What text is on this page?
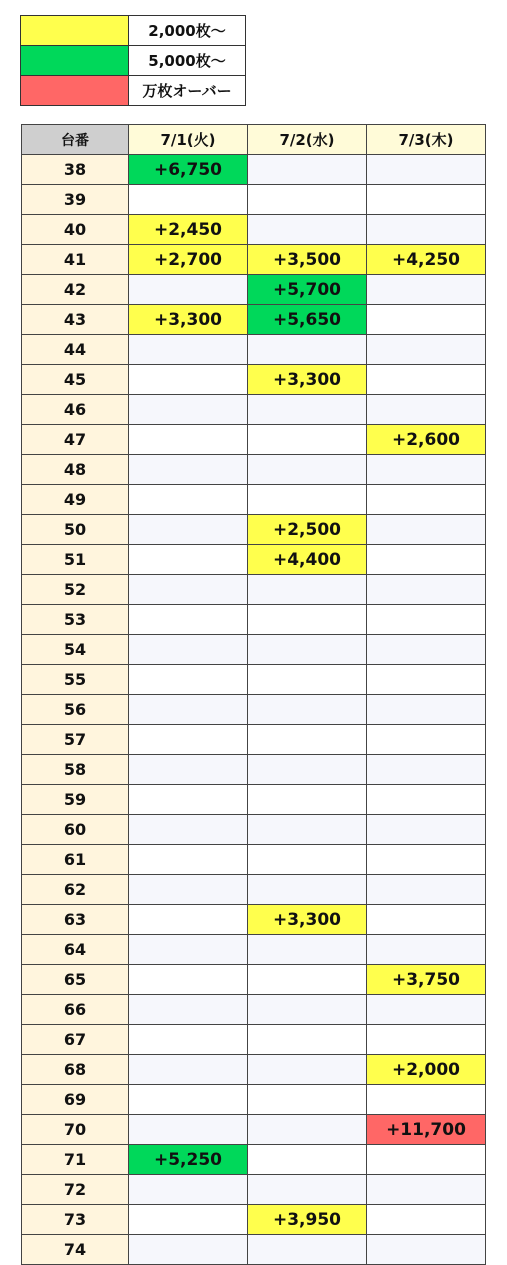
	2,000枚～
	5,000枚～
	万枚オーバー
台番	7/1(火)	7/2(水)	7/3(木)
38	+6,750		
39			
40	+2,450		
41	+2,700	+3,500	+4,250
42		+5,700	
43	+3,300	+5,650	
44			
45		+3,300	
46			
47			+2,600
48			
49			
50		+2,500	
51		+4,400	
52			
53			
54			
55			
56			
57			
58			
59			
60			
61			
62			
63		+3,300	
64			
65			+3,750
66			
67			
68			+2,000
69			
70			+11,700
71	+5,250		
72			
73		+3,950	
74			
